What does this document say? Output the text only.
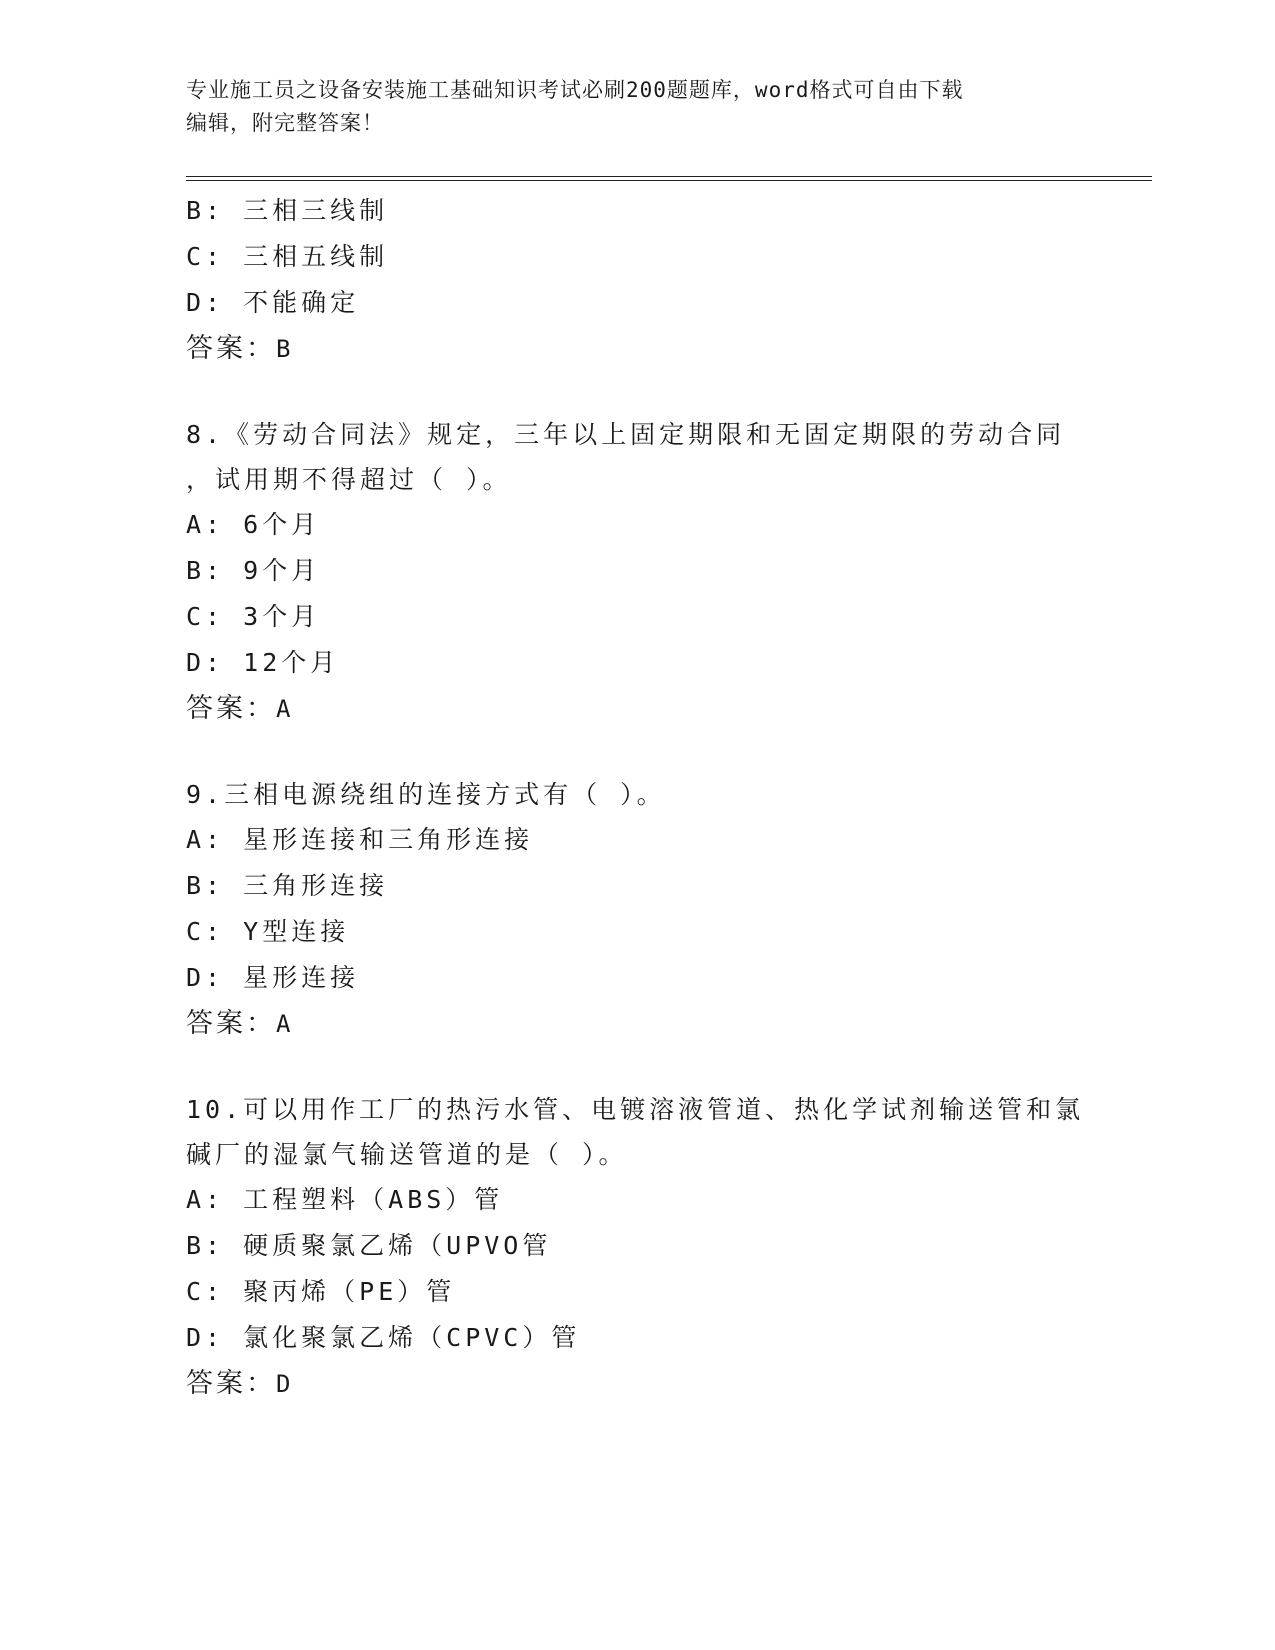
专业施工员之设备安装施工基础知识考试必刷200题题库，word格式可自由下载
编辑，附完整答案！
B: 三相三线制
C: 三相五线制
D: 不能确定
答案：B
8.《劳动合同法》规定，三年以上固定期限和无固定期限的劳动合同
，试用期不得超过（ ）。
A: 6个月
B: 9个月
C: 3个月
D: 12个月
答案：A
9.三相电源绕组的连接方式有（ ）。
A: 星形连接和三角形连接
B: 三角形连接
C: Y型连接
D: 星形连接
答案：A
10.可以用作工厂的热污水管、电镀溶液管道、热化学试剂输送管和氯
碱厂的湿氯气输送管道的是（ ）。
A: 工程塑料（ABS）管
B: 硬质聚氯乙烯（UPVO管
C: 聚丙烯（PE）管
D: 氯化聚氯乙烯（CPVC）管
答案：D
